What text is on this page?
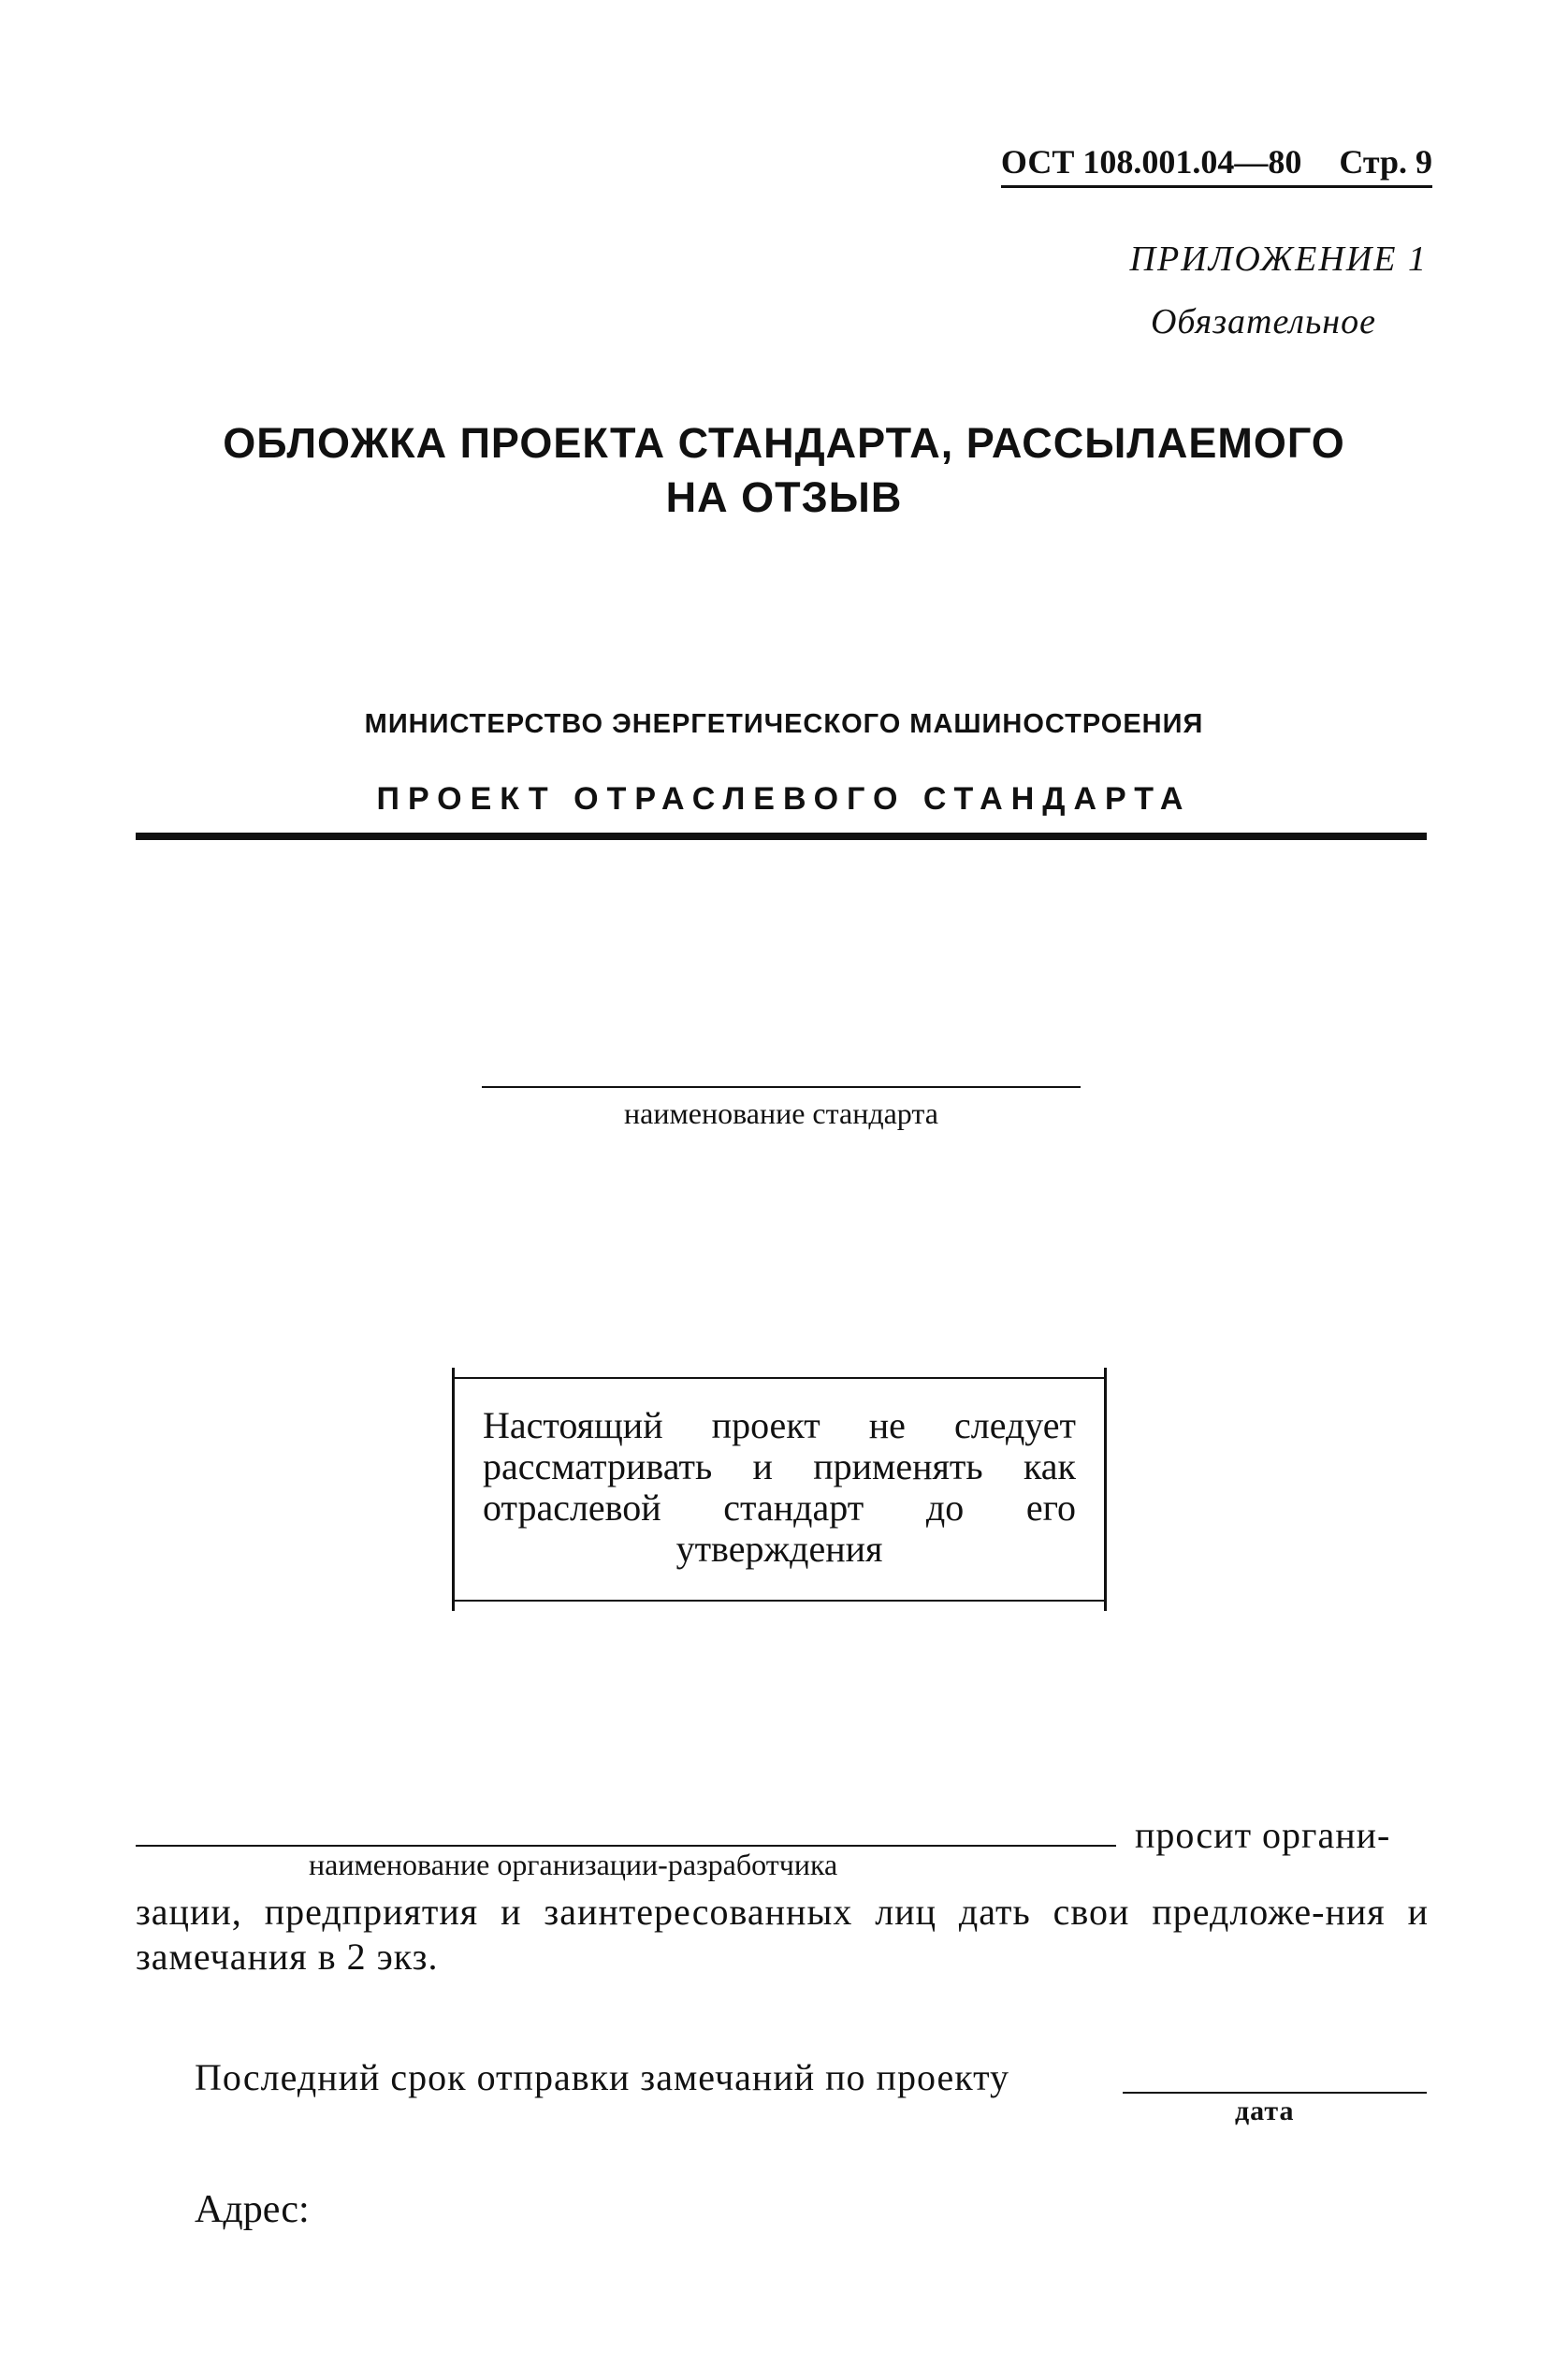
ОСТ 108.001.04—80 Стр. 9
ПРИЛОЖЕНИЕ 1
Обязательное
ОБЛОЖКА ПРОЕКТА СТАНДАРТА, РАССЫЛАЕМОГО
НА ОТЗЫВ
МИНИСТЕРСТВО ЭНЕРГЕТИЧЕСКОГО МАШИНОСТРОЕНИЯ
ПРОЕКТ ОТРАСЛЕВОГО СТАНДАРТА
наименование стандарта
Настоящий проект не следует рассматривать и применять как отраслевой стандарт до его утверждения
просит органи-
наименование организации-разработчика
зации, предприятия и заинтересованных лиц дать свои предложе-ния и замечания в 2 экз.
Последний срок отправки замечаний по проекту
дата
Адрес:
